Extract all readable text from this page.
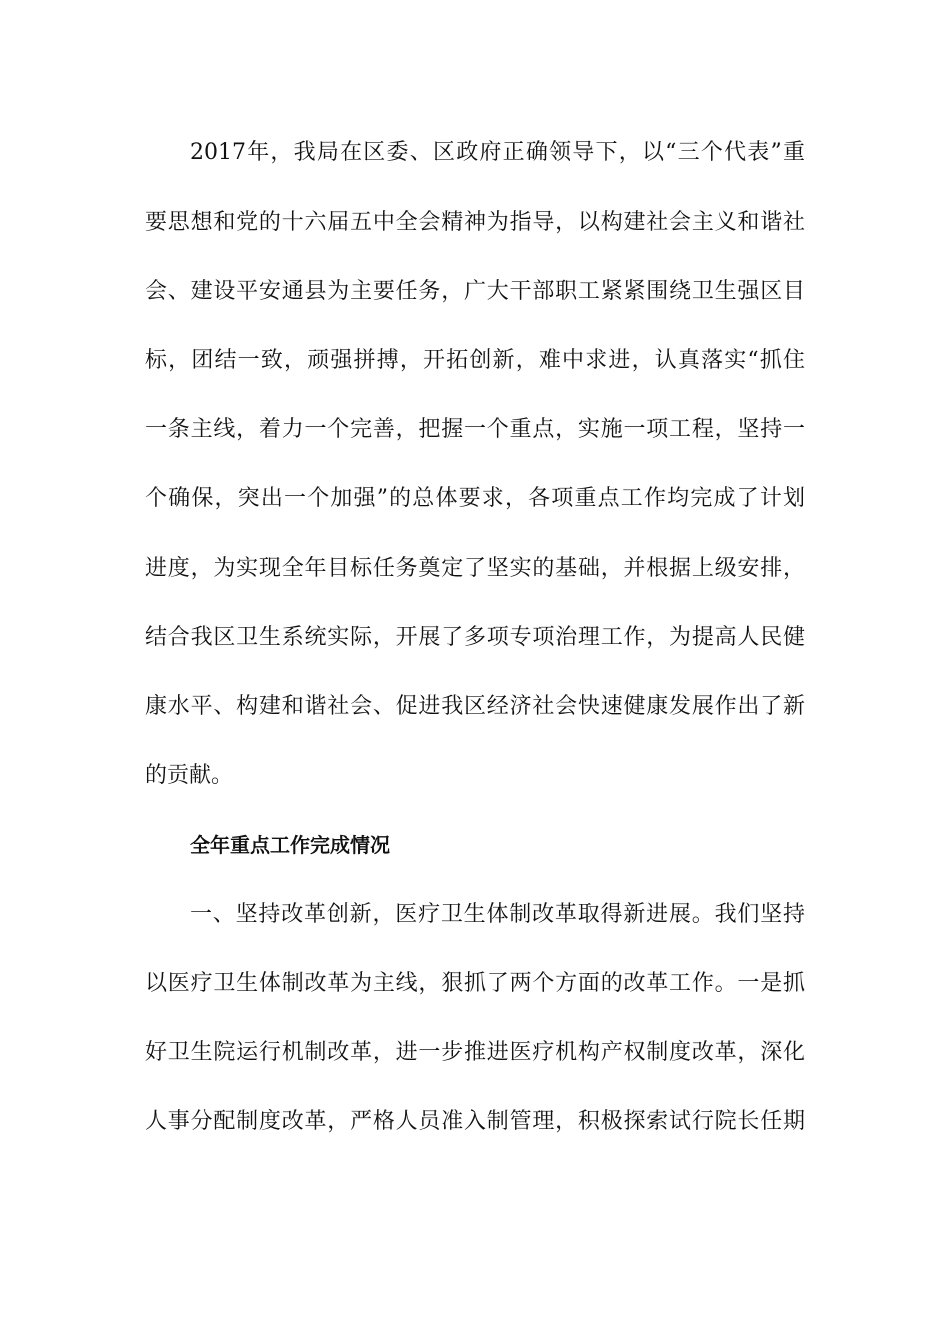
2017年，我局在区委、区政府正确领导下，以“三个代表”重
要思想和党的十六届五中全会精神为指导，以构建社会主义和谐社
会、建设平安通县为主要任务，广大干部职工紧紧围绕卫生强区目
标，团结一致，顽强拼搏，开拓创新，难中求进，认真落实“抓住
一条主线，着力一个完善，把握一个重点，实施一项工程，坚持一
个确保，突出一个加强”的总体要求，各项重点工作均完成了计划
进度，为实现全年目标任务奠定了坚实的基础，并根据上级安排，
结合我区卫生系统实际，开展了多项专项治理工作，为提高人民健
康水平、构建和谐社会、促进我区经济社会快速健康发展作出了新
的贡献。
全年重点工作完成情况
一、坚持改革创新，医疗卫生体制改革取得新进展。我们坚持
以医疗卫生体制改革为主线，狠抓了两个方面的改革工作。一是抓
好卫生院运行机制改革，进一步推进医疗机构产权制度改革，深化
人事分配制度改革，严格人员准入制管理，积极探索试行院长任期
